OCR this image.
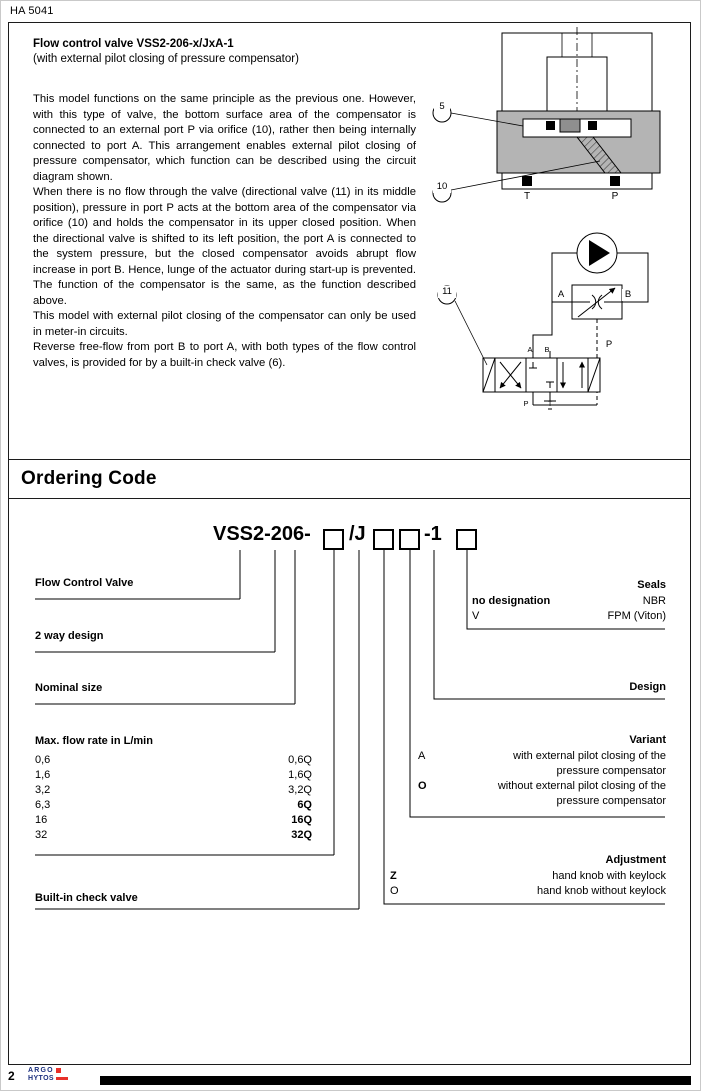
HA 5041
Flow control valve VSS2-206-x/JxA-1
(with external pilot closing of pressure compensator)

This model functions on the same principle as the previous one. However, with this type of valve, the bottom surface area of the compensator is connected to an external port P via orifice (10), rather then being internally connected to port A. This arrangement enables external pilot closing of pressure compensator, which function can be described using the circuit diagram shown.

When there is no flow through the valve (directional valve (11) in its middle position), pressure in port P acts at the bottom area of the compensator via orifice (10) and holds the compensator in its upper closed position. When the directional valve is shifted to its left position, the port A is connected to the system pressure, but the closed compensator avoids abrupt flow increase in port B. Hence, lunge of the actuator during start-up is prevented. The function of the compensator is the same, as the function described above.

This model with external pilot closing of the compensator can only be used in meter-in circuits.

Reverse free-flow from port B to port A, with both types of the flow control valves, is provided for by a built-in check valve (6).

5
10
T	P
11	A	B
P
A	B
P	T
Ordering Code
VSS2-206- /J	-1
Flow Control Valve
2 way design
Nominal size
Max. flow rate in L/min
0,6	0,6Q
1,6	1,6Q
3,2	3,2Q
6,3	6Q
16	16Q
32	32Q
Built-in check valve
Seals
no designation	NBR
V	FPM (Viton)
Design
Variant
A	with external pilot closing of the
pressure compensator
O	without external pilot closing of the
pressure compensator
Adjustment
Z	hand knob with keylock
O	hand knob without keylock
2 ARGO
HYTOS
